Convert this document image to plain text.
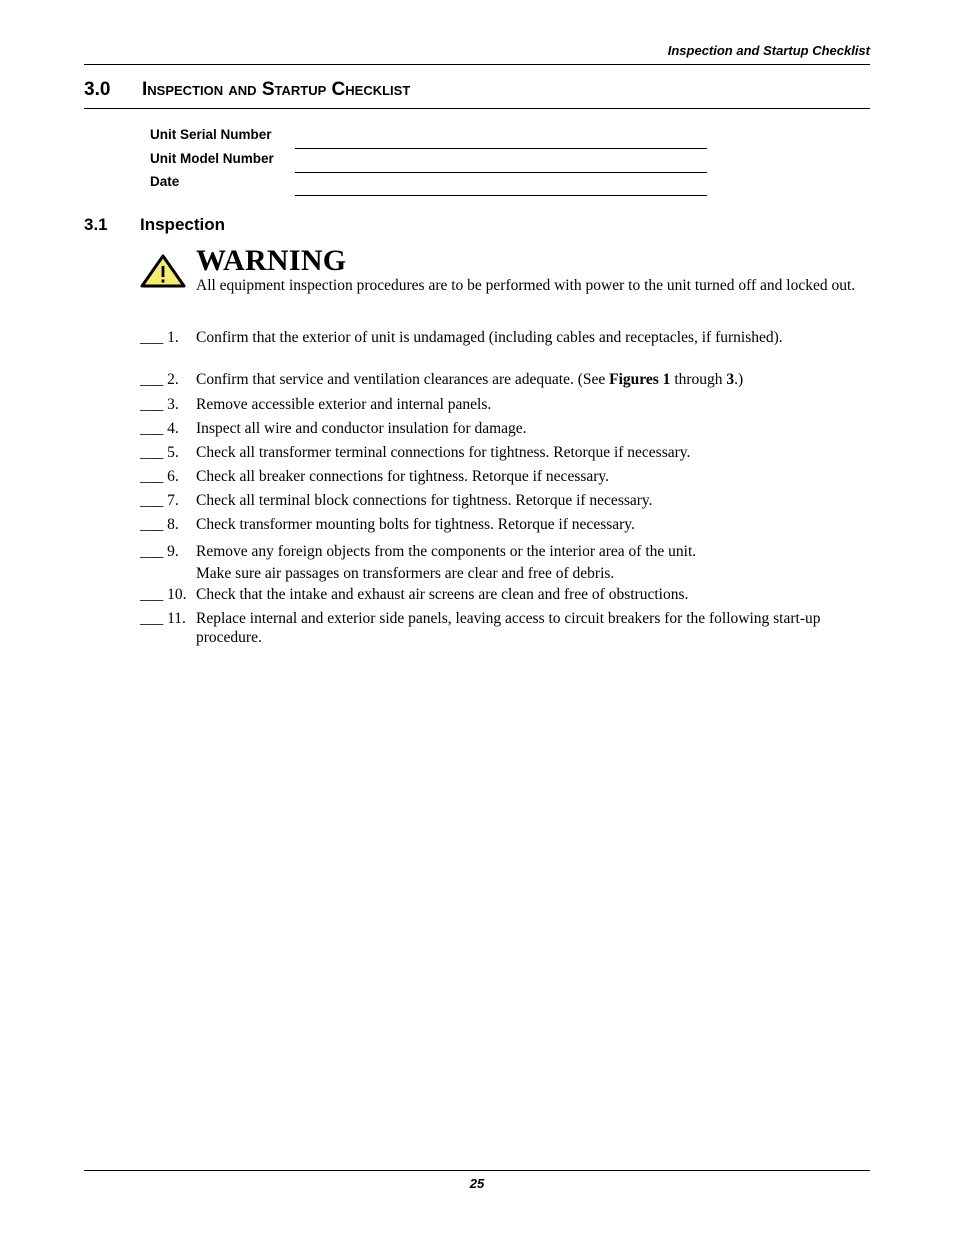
Inspection and Startup Checklist
3.0 Inspection and Startup Checklist
Unit Serial Number
Unit Model Number
Date
3.1 Inspection
WARNING
All equipment inspection procedures are to be performed with power to the unit turned off and locked out.
___ 1. Confirm that the exterior of unit is undamaged (including cables and receptacles, if furnished).
___ 2. Confirm that service and ventilation clearances are adequate. (See Figures 1 through 3.)
___ 3. Remove accessible exterior and internal panels.
___ 4. Inspect all wire and conductor insulation for damage.
___ 5. Check all transformer terminal connections for tightness. Retorque if necessary.
___ 6. Check all breaker connections for tightness. Retorque if necessary.
___ 7. Check all terminal block connections for tightness. Retorque if necessary.
___ 8. Check transformer mounting bolts for tightness. Retorque if necessary.
___ 9. Remove any foreign objects from the components or the interior area of the unit.
Make sure air passages on transformers are clear and free of debris.
___ 10. Check that the intake and exhaust air screens are clean and free of obstructions.
___ 11. Replace internal and exterior side panels, leaving access to circuit breakers for the following start-up procedure.
25
